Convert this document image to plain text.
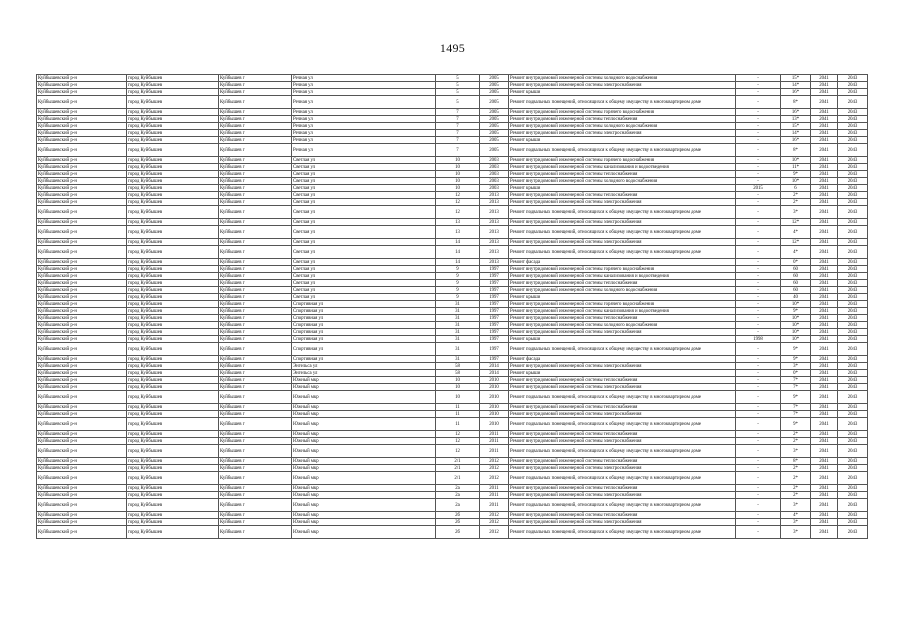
1495
Куйбышевский р-н	город Куйбышев	Куйбышев г	Речная ул	5	2005	Ремонт внутридомовой инженерной системы холодного водоснабжения	-	15*	2041	2043
Куйбышевский р-н	город Куйбышев	Куйбышев г	Речная ул	5	2005	Ремонт внутридомовой инженерной системы электроснабжения	-	14*	2041	2043
Куйбышевский р-н	город Куйбышев	Куйбышев г	Речная ул	5	2005	Ремонт крыши	-	16*	2041	2043
Куйбышевский р-н	город Куйбышев	Куйбышев г	Речная ул	5	2005	Ремонт подвальных помещений, относящихся к общему имуществу в многоквартирном доме	-	8*	2041	2043
Куйбышевский р-н	город Куйбышев	Куйбышев г	Речная ул	7	2005	Ремонт внутридомовой инженерной системы горячего водоснабжения	-	16*	2041	2043
Куйбышевский р-н	город Куйбышев	Куйбышев г	Речная ул	7	2005	Ремонт внутридомовой инженерной системы теплоснабжения	-	13*	2041	2043
Куйбышевский р-н	город Куйбышев	Куйбышев г	Речная ул	7	2005	Ремонт внутридомовой инженерной системы холодного водоснабжения	-	15*	2041	2043
Куйбышевский р-н	город Куйбышев	Куйбышев г	Речная ул	7	2005	Ремонт внутридомовой инженерной системы электроснабжения	-	14*	2041	2043
Куйбышевский р-н	город Куйбышев	Куйбышев г	Речная ул	7	2005	Ремонт крыши	-	16*	2041	2043
Куйбышевский р-н	город Куйбышев	Куйбышев г	Речная ул	7	2005	Ремонт подвальных помещений, относящихся к общему имуществу в многоквартирном доме	-	8*	2041	2043
Куйбышевский р-н	город Куйбышев	Куйбышев г	Светлая ул	10	2003	Ремонт внутридомовой инженерной системы горячего водоснабжения	-	10*	2041	2043
Куйбышевский р-н	город Куйбышев	Куйбышев г	Светлая ул	10	2003	Ремонт внутридомовой инженерной системы канализования и водоотведения	-	11*	2041	2043
Куйбышевский р-н	город Куйбышев	Куйбышев г	Светлая ул	10	2003	Ремонт внутридомовой инженерной системы теплоснабжения	-	9*	2041	2043
Куйбышевский р-н	город Куйбышев	Куйбышев г	Светлая ул	10	2003	Ремонт внутридомовой инженерной системы холодного водоснабжения	-	10*	2041	2043
Куйбышевский р-н	город Куйбышев	Куйбышев г	Светлая ул	10	2003	Ремонт крыши	2015	6	2041	2043
Куйбышевский р-н	город Куйбышев	Куйбышев г	Светлая ул	12	2013	Ремонт внутридомовой инженерной системы теплоснабжения	-	2*	2041	2043
Куйбышевский р-н	город Куйбышев	Куйбышев г	Светлая ул	12	2013	Ремонт внутридомовой инженерной системы электроснабжения	-	2*	2041	2043
Куйбышевский р-н	город Куйбышев	Куйбышев г	Светлая ул	12	2013	Ремонт подвальных помещений, относящихся к общему имуществу в многоквартирном доме	-	3*	2041	2043
Куйбышевский р-н	город Куйбышев	Куйбышев г	Светлая ул	13	2013	Ремонт внутридомовой инженерной системы электроснабжения	-	12*	2041	2043
Куйбышевский р-н	город Куйбышев	Куйбышев г	Светлая ул	13	2013	Ремонт подвальных помещений, относящихся к общему имуществу в многоквартирном доме	-	4*	2041	2043
Куйбышевский р-н	город Куйбышев	Куйбышев г	Светлая ул	14	2013	Ремонт внутридомовой инженерной системы электроснабжения	-	12*	2041	2043
Куйбышевский р-н	город Куйбышев	Куйбышев г	Светлая ул	14	2013	Ремонт подвальных помещений, относящихся к общему имуществу в многоквартирном доме	-	4*	2041	2043
Куйбышевский р-н	город Куйбышев	Куйбышев г	Светлая ул	14	2013	Ремонт фасада	-	0*	2041	2043
Куйбышевский р-н	город Куйбышев	Куйбышев г	Светлая ул	9	1997	Ремонт внутридомовой инженерной системы горячего водоснабжения	-	60	2041	2043
Куйбышевский р-н	город Куйбышев	Куйбышев г	Светлая ул	9	1997	Ремонт внутридомовой инженерной системы канализования и водоотведения	-	60	2041	2043
Куйбышевский р-н	город Куйбышев	Куйбышев г	Светлая ул	9	1997	Ремонт внутридомовой инженерной системы теплоснабжения	-	60	2041	2043
Куйбышевский р-н	город Куйбышев	Куйбышев г	Светлая ул	9	1997	Ремонт внутридомовой инженерной системы холодного водоснабжения	-	60	2041	2043
Куйбышевский р-н	город Куйбышев	Куйбышев г	Светлая ул	9	1997	Ремонт крыши	-	40	2041	2043
Куйбышевский р-н	город Куйбышев	Куйбышев г	Спортивная ул	31	1997	Ремонт внутридомовой инженерной системы горячего водоснабжения	-	10*	2041	2043
Куйбышевский р-н	город Куйбышев	Куйбышев г	Спортивная ул	31	1997	Ремонт внутридомовой инженерной системы канализования и водоотведения	-	9*	2041	2043
Куйбышевский р-н	город Куйбышев	Куйбышев г	Спортивная ул	31	1997	Ремонт внутридомовой инженерной системы теплоснабжения	-	10*	2041	2043
Куйбышевский р-н	город Куйбышев	Куйбышев г	Спортивная ул	31	1997	Ремонт внутридомовой инженерной системы холодного водоснабжения	-	10*	2041	2043
Куйбышевский р-н	город Куйбышев	Куйбышев г	Спортивная ул	31	1997	Ремонт внутридомовой инженерной системы электроснабжения	-	10*	2041	2043
Куйбышевский р-н	город Куйбышев	Куйбышев г	Спортивная ул	31	1997	Ремонт крыши	1998	10*	2041	2043
Куйбышевский р-н	город Куйбышев	Куйбышев г	Спортивная ул	31	1997	Ремонт подвальных помещений, относящихся к общему имуществу в многоквартирном доме	-	9*	2041	2043
Куйбышевский р-н	город Куйбышев	Куйбышев г	Спортивная ул	31	1997	Ремонт фасада	-	9*	2041	2043
Куйбышевский р-н	город Куйбышев	Куйбышев г	Энгельса ул	58	2014	Ремонт внутридомовой инженерной системы электроснабжения	-	3*	2041	2043
Куйбышевский р-н	город Куйбышев	Куйбышев г	Энгельса ул	58	2014	Ремонт крыши	-	0*	2041	2043
Куйбышевский р-н	город Куйбышев	Куйбышев г	Южный мкр	10	2010	Ремонт внутридомовой инженерной системы теплоснабжения	-	7*	2041	2043
Куйбышевский р-н	город Куйбышев	Куйбышев г	Южный мкр	10	2010	Ремонт внутридомовой инженерной системы электроснабжения	-	7*	2041	2043
Куйбышевский р-н	город Куйбышев	Куйбышев г	Южный мкр	10	2010	Ремонт подвальных помещений, относящихся к общему имуществу в многоквартирном доме	-	9*	2041	2043
Куйбышевский р-н	город Куйбышев	Куйбышев г	Южный мкр	11	2010	Ремонт внутридомовой инженерной системы теплоснабжения	-	7*	2041	2043
Куйбышевский р-н	город Куйбышев	Куйбышев г	Южный мкр	11	2010	Ремонт внутридомовой инженерной системы электроснабжения	-	7*	2041	2043
Куйбышевский р-н	город Куйбышев	Куйбышев г	Южный мкр	11	2010	Ремонт подвальных помещений, относящихся к общему имуществу в многоквартирном доме	-	9*	2041	2043
Куйбышевский р-н	город Куйбышев	Куйбышев г	Южный мкр	12	2011	Ремонт внутридомовой инженерной системы теплоснабжения	-	2*	2041	2043
Куйбышевский р-н	город Куйбышев	Куйбышев г	Южный мкр	12	2011	Ремонт внутридомовой инженерной системы электроснабжения	-	2*	2041	2043
Куйбышевский р-н	город Куйбышев	Куйбышев г	Южный мкр	12	2011	Ремонт подвальных помещений, относящихся к общему имуществу в многоквартирном доме	-	3*	2041	2043
Куйбышевский р-н	город Куйбышев	Куйбышев г	Южный мкр	2/1	2012	Ремонт внутридомовой инженерной системы теплоснабжения	-	8*	2041	2043
Куйбышевский р-н	город Куйбышев	Куйбышев г	Южный мкр	2/1	2012	Ремонт внутридомовой инженерной системы электроснабжения	-	2*	2041	2043
Куйбышевский р-н	город Куйбышев	Куйбышев г	Южный мкр	2/1	2012	Ремонт подвальных помещений, относящихся к общему имуществу в многоквартирном доме	-	2*	2041	2043
Куйбышевский р-н	город Куйбышев	Куйбышев г	Южный мкр	2а	2011	Ремонт внутридомовой инженерной системы теплоснабжения	-	2*	2041	2043
Куйбышевский р-н	город Куйбышев	Куйбышев г	Южный мкр	2а	2011	Ремонт внутридомовой инженерной системы электроснабжения	-	2*	2041	2043
Куйбышевский р-н	город Куйбышев	Куйбышев г	Южный мкр	2а	2011	Ремонт подвальных помещений, относящихся к общему имуществу в многоквартирном доме	-	3*	2041	2043
Куйбышевский р-н	город Куйбышев	Куйбышев г	Южный мкр	2б	2012	Ремонт внутридомовой инженерной системы теплоснабжения	-	4*	2041	2043
Куйбышевский р-н	город Куйбышев	Куйбышев г	Южный мкр	2б	2012	Ремонт внутридомовой инженерной системы электроснабжения	-	3*	2041	2043
Куйбышевский р-н	город Куйбышев	Куйбышев г	Южный мкр	2б	2012	Ремонт подвальных помещений, относящихся к общему имуществу в многоквартирном доме	-	3*	2041	2043
